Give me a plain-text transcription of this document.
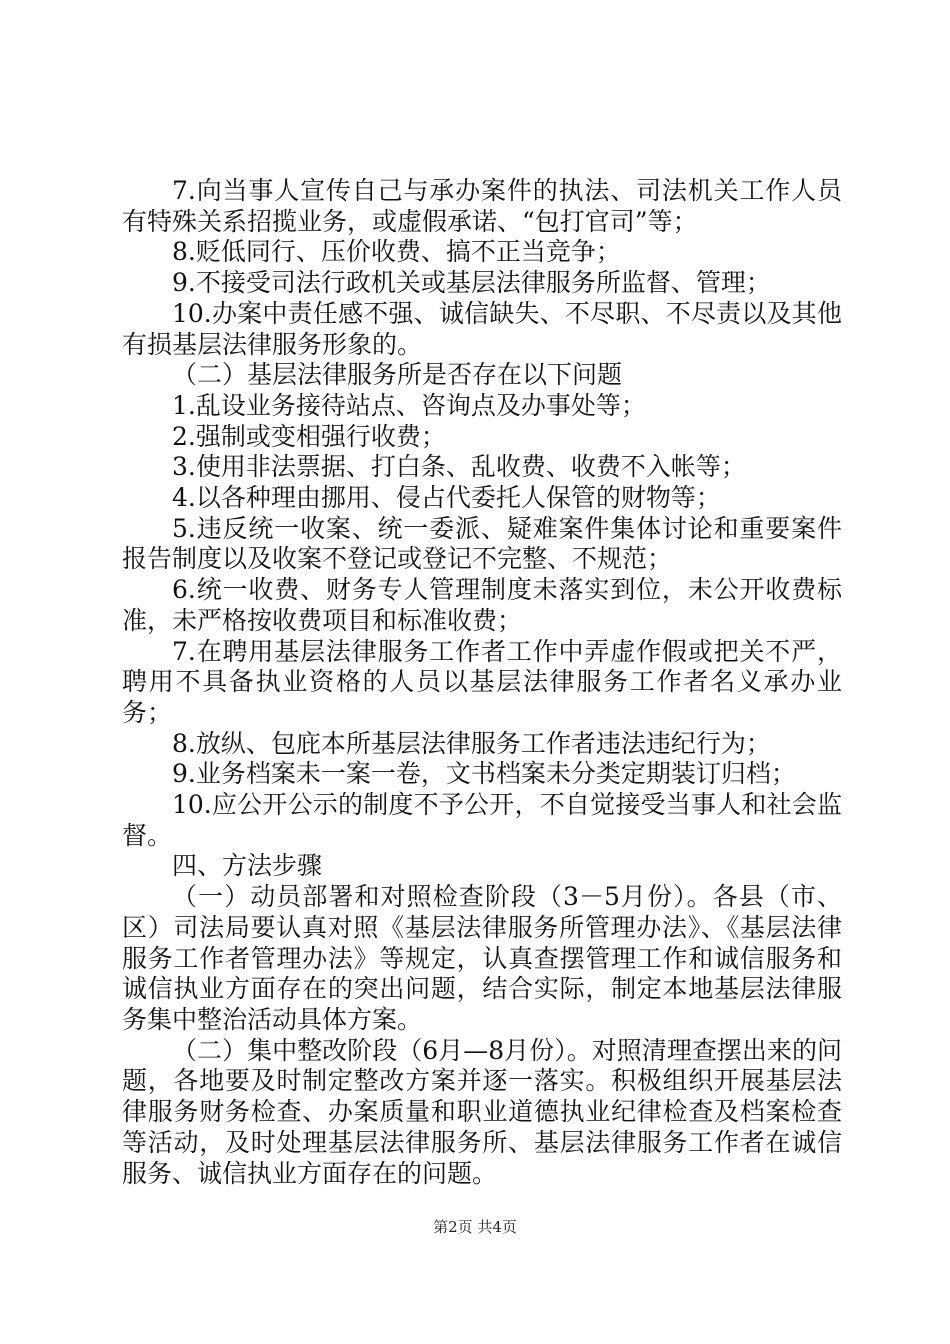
7.向当事人宣传自己与承办案件的执法、司法机关工作人员有特殊关系招揽业务，或虚假承诺、“包打官司”等；

8.贬低同行、压价收费、搞不正当竞争；

9.不接受司法行政机关或基层法律服务所监督、管理；

10.办案中责任感不强、诚信缺失、不尽职、不尽责以及其他有损基层法律服务形象的。

（二）基层法律服务所是否存在以下问题

1.乱设业务接待站点、咨询点及办事处等；

2.强制或变相强行收费；

3.使用非法票据、打白条、乱收费、收费不入帐等；

4.以各种理由挪用、侵占代委托人保管的财物等；

5.违反统一收案、统一委派、疑难案件集体讨论和重要案件报告制度以及收案不登记或登记不完整、不规范；

6.统一收费、财务专人管理制度未落实到位，未公开收费标准，未严格按收费项目和标准收费；

7.在聘用基层法律服务工作者工作中弄虚作假或把关不严，聘用不具备执业资格的人员以基层法律服务工作者名义承办业务；

8.放纵、包庇本所基层法律服务工作者违法违纪行为；

9.业务档案未一案一卷，文书档案未分类定期装订归档；

10.应公开公示的制度不予公开，不自觉接受当事人和社会监督。

四、方法步骤

（一）动员部署和对照检查阶段（3－5月份）。各县（市、区）司法局要认真对照《基层法律服务所管理办法》、《基层法律服务工作者管理办法》等规定，认真查摆管理工作和诚信服务和诚信执业方面存在的突出问题，结合实际，制定本地基层法律服务集中整治活动具体方案。

（二）集中整改阶段（6月—8月份）。对照清理查摆出来的问题，各地要及时制定整改方案并逐一落实。积极组织开展基层法律服务财务检查、办案质量和职业道德执业纪律检查及档案检查等活动，及时处理基层法律服务所、基层法律服务工作者在诚信服务、诚信执业方面存在的问题。

第2页 共4页
